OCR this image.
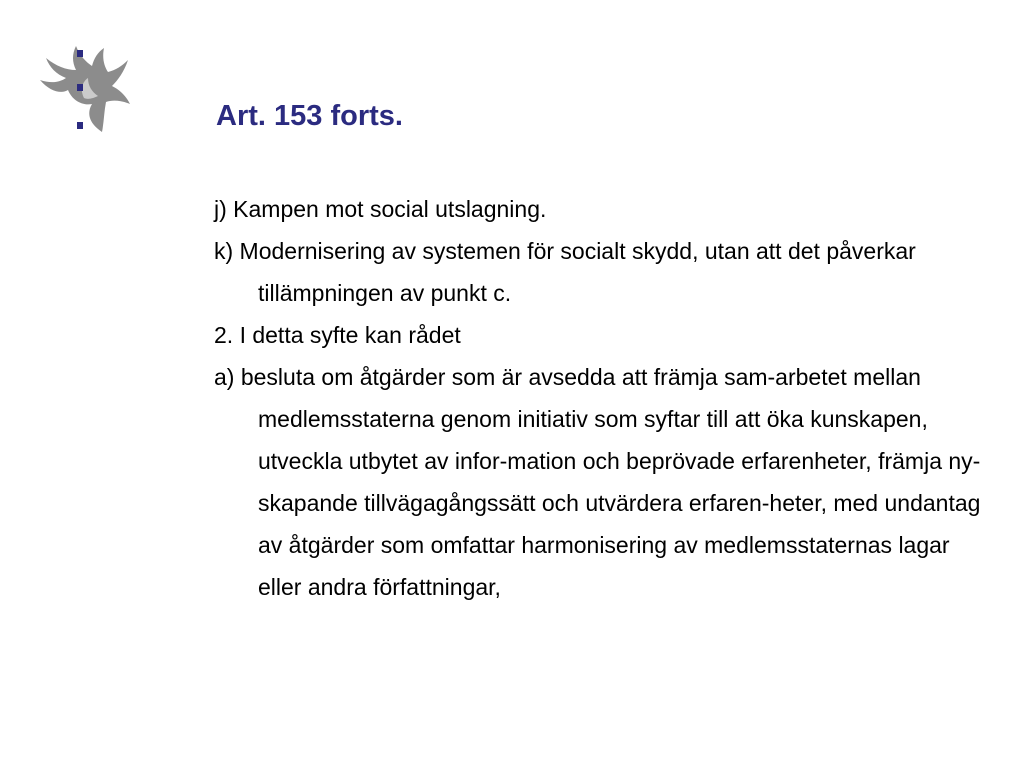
Art. 153 forts.
j) Kampen mot social utslagning.
k) Modernisering av systemen för socialt skydd, utan att det påverkar tillämpningen av punkt c.
2. I detta syfte kan rådet
a) besluta om åtgärder som är avsedda att främja sam-arbetet mellan medlemsstaterna genom initiativ som syftar till att öka kunskapen, utveckla utbytet av infor-mation och beprövade erfarenheter, främja ny-skapande tillvägagångssätt och utvärdera erfaren-heter, med undantag av åtgärder som omfattar harmonisering av medlemsstaternas lagar eller andra författningar,
